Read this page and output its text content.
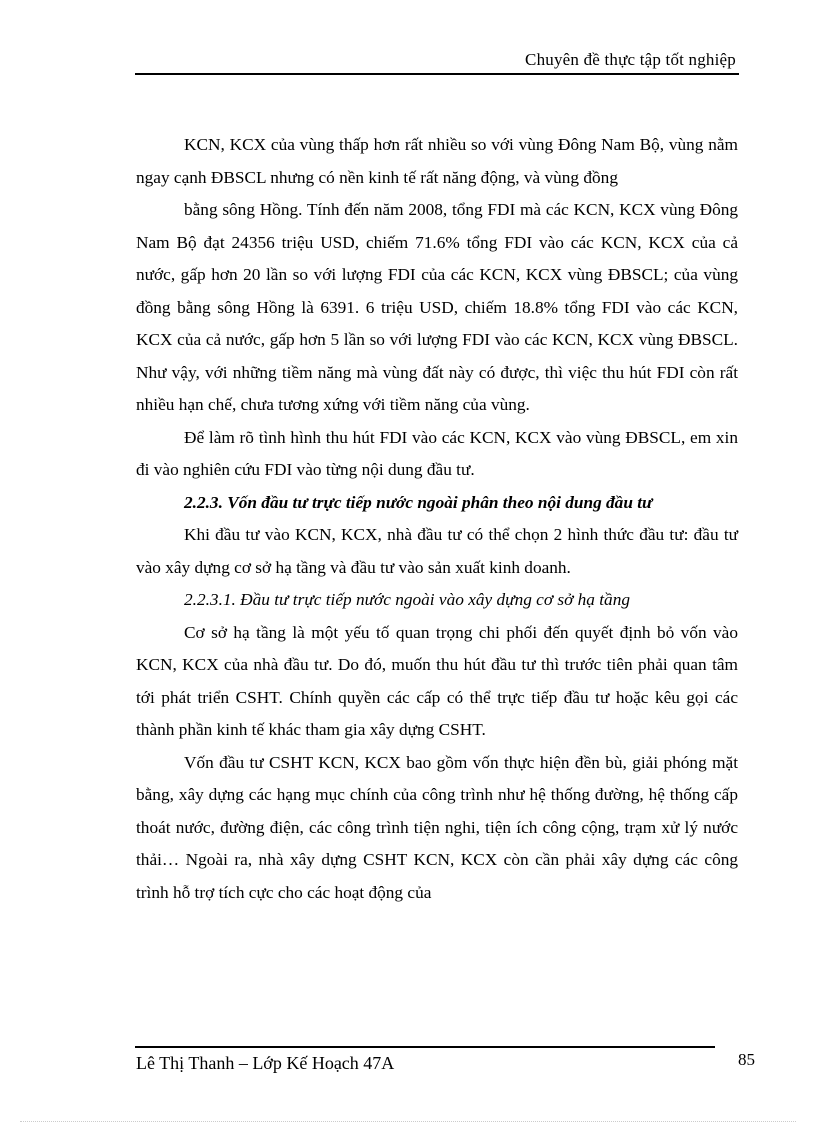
Chuyên đề thực tập tốt nghiệp

KCN, KCX của vùng thấp hơn rất nhiều so với vùng Đông Nam Bộ, vùng nằm ngay cạnh ĐBSCL nhưng có nền kinh tế rất năng động, và vùng đồng

bằng sông Hồng. Tính đến năm 2008, tổng FDI mà các KCN, KCX vùng Đông Nam Bộ đạt 24356 triệu USD, chiếm 71.6% tổng FDI vào các KCN, KCX của cả nước, gấp hơn 20 lần so với lượng FDI của các KCN, KCX vùng ĐBSCL; của vùng đồng bằng sông Hồng là 6391. 6 triệu USD, chiếm 18.8% tổng FDI vào các KCN, KCX của cả nước, gấp hơn 5 lần so với lượng FDI vào các KCN, KCX vùng ĐBSCL. Như vậy, với những tiềm năng mà vùng đất này có được, thì việc thu hút FDI còn rất nhiều hạn chế, chưa tương xứng với tiềm năng của vùng.

Để làm rõ tình hình thu hút FDI vào các KCN, KCX vào vùng ĐBSCL, em xin đi vào nghiên cứu FDI vào từng nội dung đầu tư.

2.2.3. Vốn đầu tư trực tiếp nước ngoài phân theo nội dung đầu tư

Khi đầu tư vào KCN, KCX, nhà đầu tư có thể chọn 2 hình thức đầu tư: đầu tư vào xây dựng cơ sở hạ tầng và đầu tư vào sản xuất kinh doanh.

2.2.3.1. Đầu tư trực tiếp nước ngoài vào xây dựng cơ sở hạ tầng

Cơ sở hạ tầng là một yếu tố quan trọng chi phối đến quyết định bỏ vốn vào KCN, KCX của nhà đầu tư. Do đó, muốn thu hút đầu tư thì trước tiên phải quan tâm tới phát triển CSHT. Chính quyền các cấp có thể trực tiếp đầu tư hoặc kêu gọi các thành phần kinh tế khác tham gia xây dựng CSHT.

Vốn đầu tư CSHT KCN, KCX bao gồm vốn thực hiện đền bù, giải phóng mặt bằng, xây dựng các hạng mục chính của công trình như hệ thống đường, hệ thống cấp thoát nước, đường điện, các công trình tiện nghi, tiện ích công cộng, trạm xử lý nước thải… Ngoài ra, nhà xây dựng CSHT KCN, KCX còn cần phải xây dựng các công trình hỗ trợ tích cực cho các hoạt động của

Lê Thị Thanh – Lớp Kế Hoạch 47A	85
